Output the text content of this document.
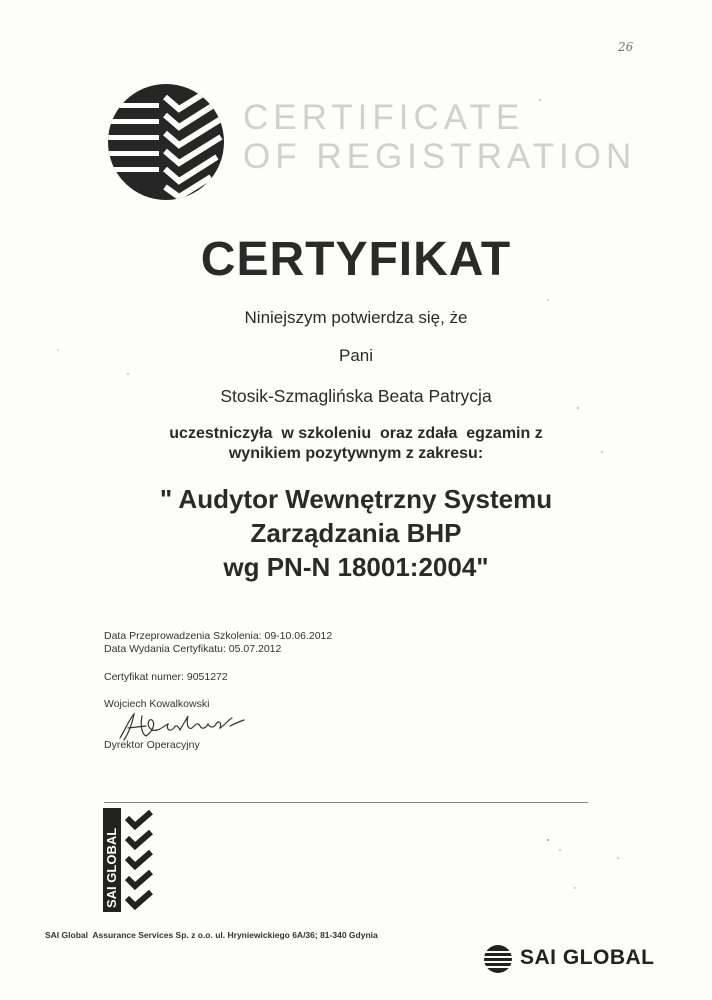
26
CERTIFICATE
OF REGISTRATION
CERTYFIKAT
Niniejszym potwierdza się, że
Pani
Stosik-Szmaglińska Beata Patrycja
uczestniczyła  w szkoleniu  oraz zdała  egzamin z
wynikiem pozytywnym z zakresu:
" Audytor Wewnętrzny Systemu
Zarządzania BHP
wg PN-N 18001:2004"
Data Przeprowadzenia Szkolenia: 09-10.06.2012
Data Wydania Certyfikatu: 05.07.2012
Certyfikat numer: 9051272
Wojciech Kowalkowski
Dyrektor Operacyjny
SAI GLOBAL
SAI Global  Assurance Services Sp. z o.o. ul. Hryniewickiego 6A/36; 81-340 Gdynia
SAI GLOBAL
